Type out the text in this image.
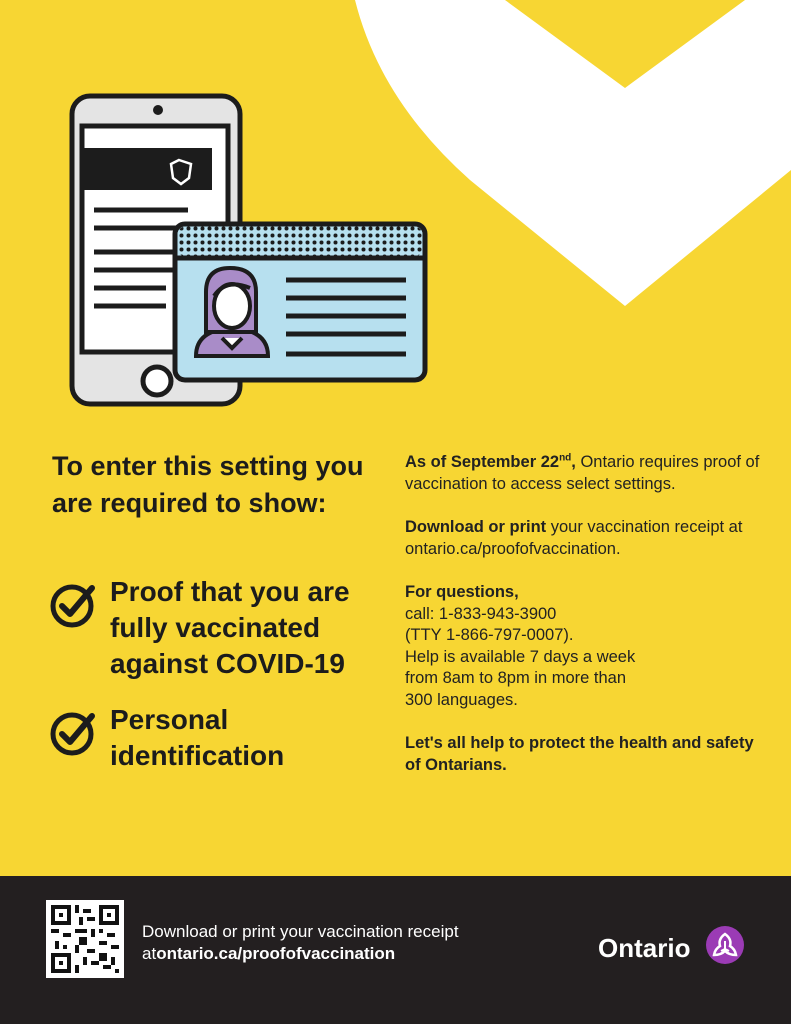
To enter this setting you are required to show:
Proof that you are fully vaccinated against COVID-19
Personal identification

As of September 22nd, Ontario requires proof of vaccination to access select settings.

Download or print your vaccination receipt at ontario.ca/proofofvaccination.

For questions,
call: 1-833-943-3900
(TTY 1-866-797-0007).
Help is available 7 days a week
from 8am to 8pm in more than
300 languages.

Let's all help to protect the health and safety of Ontarians.

Download or print your vaccination receipt
atontario.ca/proofofvaccination	Ontario
